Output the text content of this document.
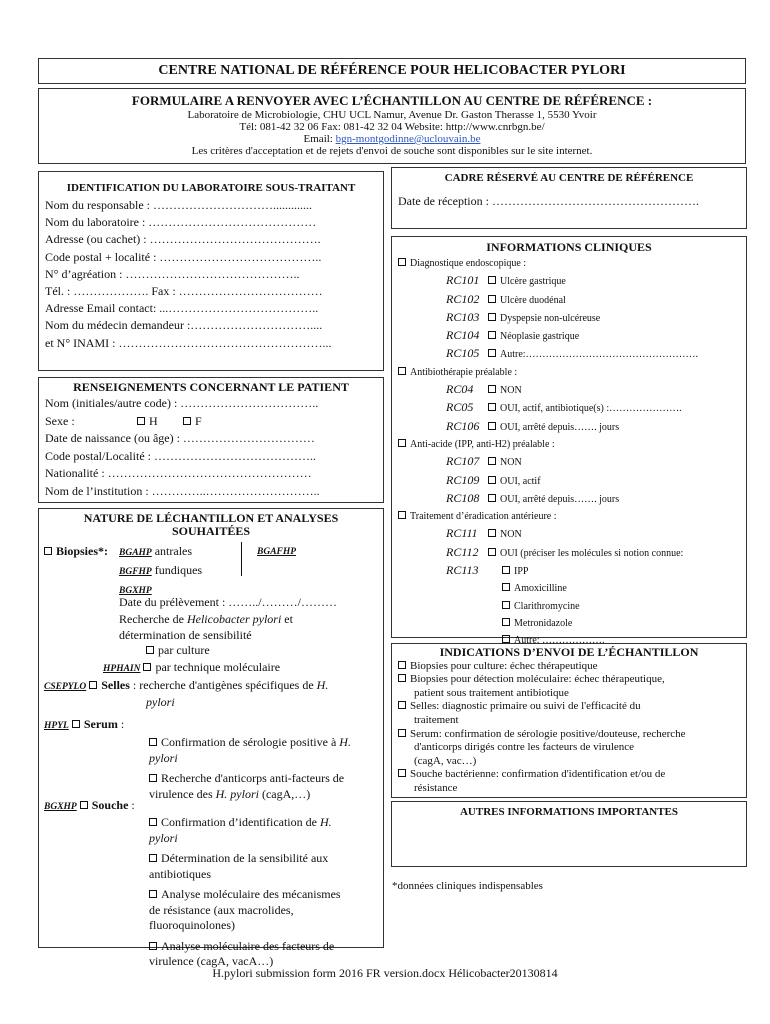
CENTRE NATIONAL DE RÉFÉRENCE POUR HELICOBACTER PYLORI
FORMULAIRE A RENVOYER AVEC L’ÉCHANTILLON AU CENTRE DE RÉFÉRENCE :
Laboratoire de Microbiologie, CHU UCL Namur, Avenue Dr. Gaston Therasse 1, 5530 Yvoir
Tél: 081-42 32 06 Fax: 081-42 32 04 Website: http://www.cnrbgn.be/
Email: bgn-montgodinne@uclouvain.be
Les critères d'acceptation et de rejets d'envoi de souche sont disponibles sur le site internet.
IDENTIFICATION DU LABORATOIRE SOUS-TRAITANT
Nom du responsable : ………………………….............
Nom du laboratoire : ……………………………………
Adresse (ou cachet) : …………………………………….
Code postal + localité : …………………………………..
N° d’agréation : ……………………………………..
Tél. : ………………. Fax : ………………………………
Adresse Email contact: ...………………………………..
Nom du médecin demandeur :…………………………....
et N° INAMI : ……………………………………………...
RENSEIGNEMENTS CONCERNANT LE PATIENT
Nom (initiales/autre code) : ……………………………..
Sexe :	H	F
Date de naissance (ou âge) : ……………………………
Code postal/Localité : …………………………………..
Nationalité : ……………………………………………
Nom de l’institution : …………..………………………..
NATURE DE LÉCHANTILLON ET ANALYSES
SOUHAITÉES
Biopsies*: BGAHP antrales
BGFHP fundiques
BGXHP
BGAFHP
Date du prélèvement : ……../………/………
Recherche de Helicobacter pylori et
détermination de sensibilité
par culture
HPHAIN par technique moléculaire
CSEPYLO Selles : recherche d'antigènes spécifiques de H.
pylori
HPYL Serum :
Confirmation de sérologie positive à H.
pylori
Recherche d'anticorps anti-facteurs de
virulence des H. pylori (cagA,…)
BGXHP Souche :
Confirmation d’identification de H.
pylori
Détermination de la sensibilité aux
antibiotiques
Analyse moléculaire des mécanismes
de résistance (aux macrolides,
fluoroquinolones)
Analyse moléculaire des facteurs de
virulence (cagA, vacA…)
CADRE RÉSERVÉ AU CENTRE DE RÉFÉRENCE
Date de réception : …………………………………………….
INFORMATIONS CLINIQUES
Diagnostique endoscopique :
RC101 Ulcère gastrique
RC102 Ulcère duodénal
RC103 Dyspepsie non-ulcéreuse
RC104 Néoplasie gastrique
RC105 Autre:…………………………………………….
Antibiothérapie préalable :
RC04	NON
RC05	OUI, actif, antibiotique(s) :………………….
RC106 OUI, arrêté depuis……. jours
Anti-acide (IPP, anti-H2) préalable :
RC107 NON
RC109 OUI, actif
RC108 OUI, arrêté depuis……. jours
Traitement d’éradication antérieure :
RC111 NON
RC112 OUI (préciser les molécules si notion connue:
RC113	IPP
Amoxicilline
Clarithromycine
Metronidazole
Autre: ……………….
INDICATIONS D’ENVOI DE L’ÉCHANTILLON
Biopsies pour culture: échec thérapeutique
Biopsies pour détection moléculaire: échec thérapeutique,
patient sous traitement antibiotique
Selles: diagnostic primaire ou suivi de l'efficacité du
traitement
Serum: confirmation de sérologie positive/douteuse, recherche
d'anticorps dirigés contre les facteurs de virulence
(cagA, vac…)
Souche bactérienne: confirmation d'identification et/ou de
résistance
AUTRES INFORMATIONS IMPORTANTES
*données cliniques indispensables
H.pylori submission form 2016 FR version.docx Hélicobacter20130814
